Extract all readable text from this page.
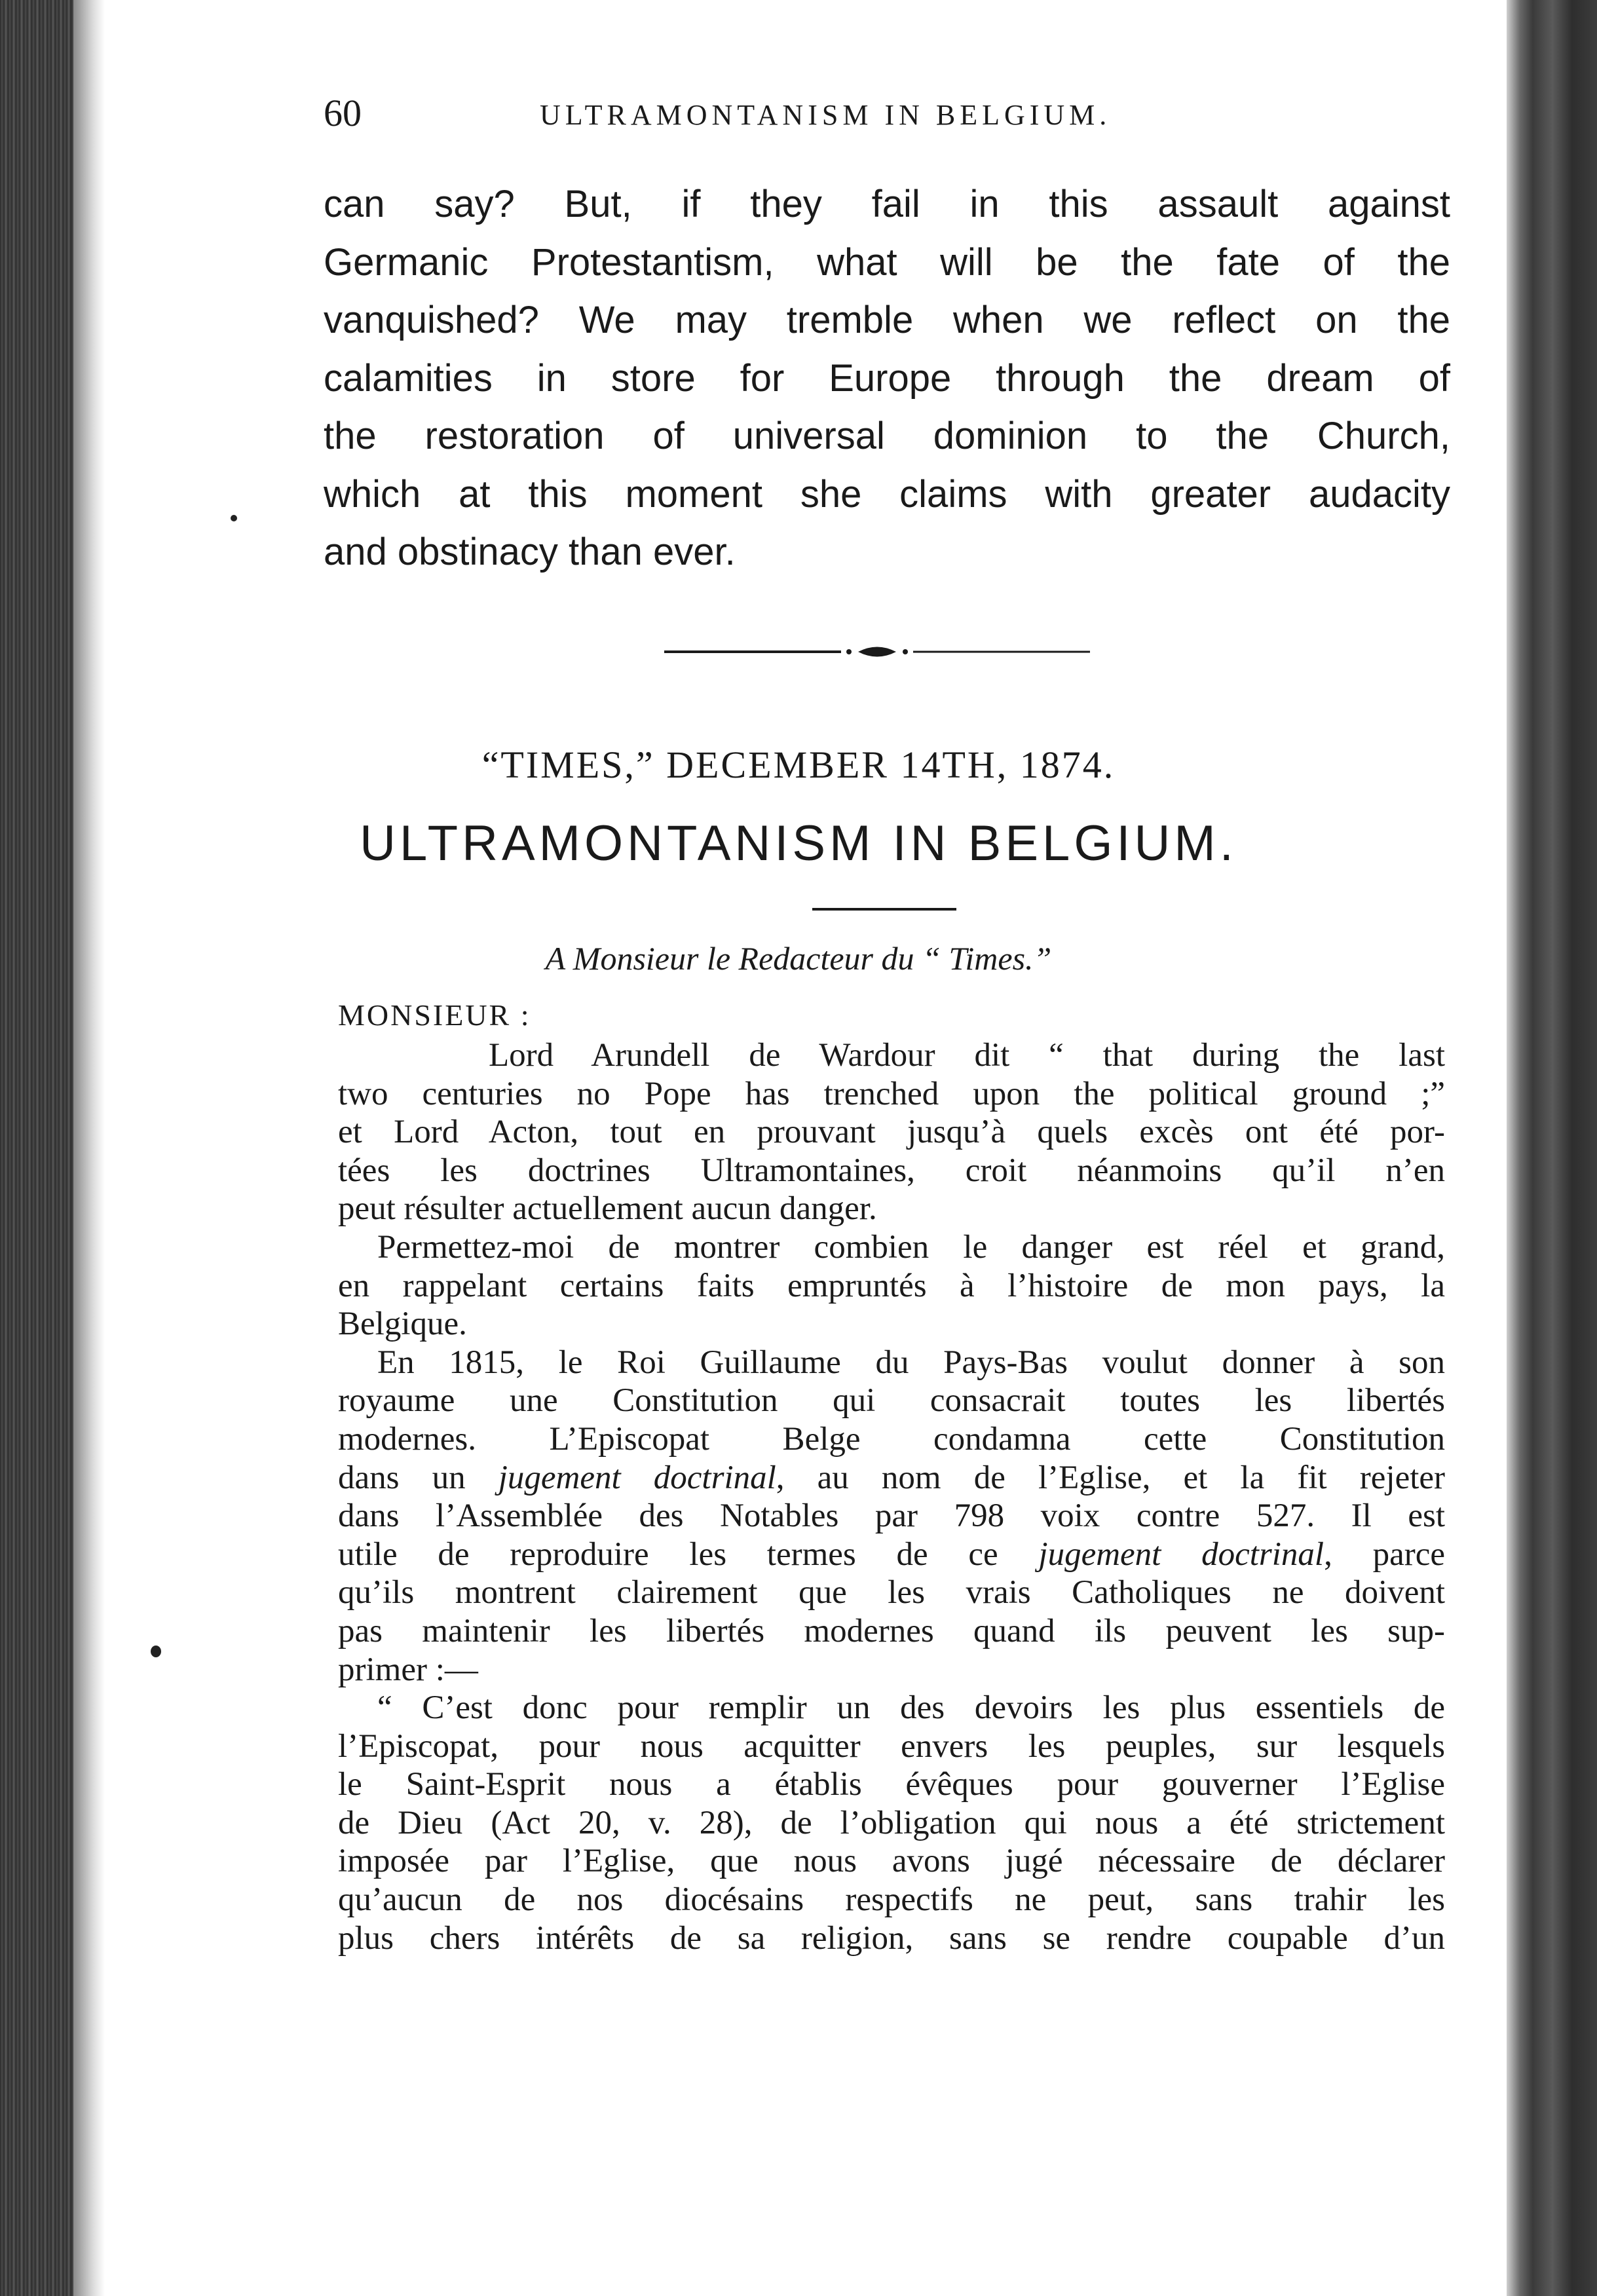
60	ULTRAMONTANISM IN BELGIUM.
can say? But, if they fail in this assault against
Germanic Protestantism, what will be the fate of the
vanquished? We may tremble when we reflect on the
calamities in store for Europe through the dream of
the restoration of universal dominion to the Church,
which at this moment she claims with greater audacity
and obstinacy than ever.
“TIMES,” DECEMBER 14TH, 1874.
ULTRAMONTANISM IN BELGIUM.
A Monsieur le Redacteur du “ Times.”
MONSIEUR :
Lord Arundell de Wardour dit “ that during the last
two centuries no Pope has trenched upon the political ground ;”
et Lord Acton, tout en prouvant jusqu’à quels excès ont été por-
tées les doctrines Ultramontaines, croit néanmoins qu’il n’en
peut résulter actuellement aucun danger.
Permettez-moi de montrer combien le danger est réel et grand,
en rappelant certains faits empruntés à l’histoire de mon pays, la
Belgique.
En 1815, le Roi Guillaume du Pays-Bas voulut donner à son
royaume une Constitution qui consacrait toutes les libertés
modernes. L’Episcopat Belge condamna cette Constitution
dans un jugement doctrinal, au nom de l’Eglise, et la fit rejeter
dans l’Assemblée des Notables par 798 voix contre 527. Il est
utile de reproduire les termes de ce jugement doctrinal, parce
qu’ils montrent clairement que les vrais Catholiques ne doivent
pas maintenir les libertés modernes quand ils peuvent les sup-
primer :—
“ C’est donc pour remplir un des devoirs les plus essentiels de
l’Episcopat, pour nous acquitter envers les peuples, sur lesquels
le Saint-Esprit nous a établis évêques pour gouverner l’Eglise
de Dieu (Act 20, v. 28), de l’obligation qui nous a été strictement
imposée par l’Eglise, que nous avons jugé nécessaire de déclarer
qu’aucun de nos diocésains respectifs ne peut, sans trahir les
plus chers intérêts de sa religion, sans se rendre coupable d’un
